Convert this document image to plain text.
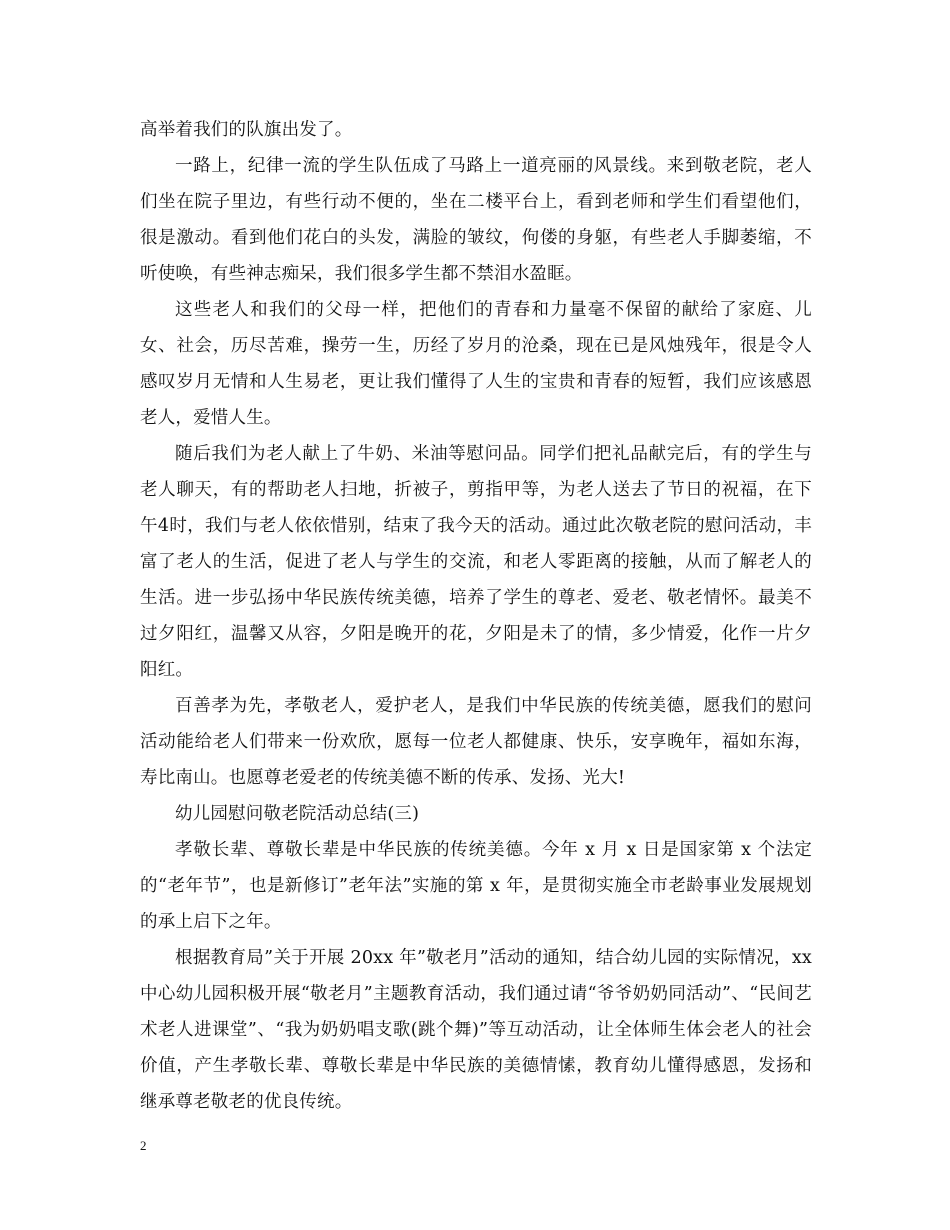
高举着我们的队旗出发了。

一路上，纪律一流的学生队伍成了马路上一道亮丽的风景线。来到敬老院，老人们坐在院子里边，有些行动不便的，坐在二楼平台上，看到老师和学生们看望他们，很是激动。看到他们花白的头发，满脸的皱纹，佝偻的身躯，有些老人手脚萎缩，不听使唤，有些神志痴呆，我们很多学生都不禁泪水盈眶。

这些老人和我们的父母一样，把他们的青春和力量毫不保留的献给了家庭、儿女、社会，历尽苦难，操劳一生，历经了岁月的沧桑，现在已是风烛残年，很是令人感叹岁月无情和人生易老，更让我们懂得了人生的宝贵和青春的短暂，我们应该感恩老人，爱惜人生。

随后我们为老人献上了牛奶、米油等慰问品。同学们把礼品献完后，有的学生与老人聊天，有的帮助老人扫地，折被子，剪指甲等，为老人送去了节日的祝福，在下午4时，我们与老人依依惜别，结束了我今天的活动。通过此次敬老院的慰问活动，丰富了老人的生活，促进了老人与学生的交流，和老人零距离的接触，从而了解老人的生活。进一步弘扬中华民族传统美德，培养了学生的尊老、爱老、敬老情怀。最美不过夕阳红，温馨又从容，夕阳是晚开的花，夕阳是未了的情，多少情爱，化作一片夕阳红。

百善孝为先，孝敬老人，爱护老人，是我们中华民族的传统美德，愿我们的慰问活动能给老人们带来一份欢欣，愿每一位老人都健康、快乐，安享晚年，福如东海，寿比南山。也愿尊老爱老的传统美德不断的传承、发扬、光大!

幼儿园慰问敬老院活动总结(三)

孝敬长辈、尊敬长辈是中华民族的传统美德。今年 x 月 x 日是国家第 x 个法定的“老年节”，也是新修订”老年法”实施的第 x 年，是贯彻实施全市老龄事业发展规划的承上启下之年。

根据教育局”关于开展 20xx 年”敬老月”活动的通知，结合幼儿园的实际情况，xx 中心幼儿园积极开展“敬老月”主题教育活动，我们通过请“爷爷奶奶同活动”、“民间艺术老人进课堂”、“我为奶奶唱支歌(跳个舞)”等互动活动，让全体师生体会老人的社会价值，产生孝敬长辈、尊敬长辈是中华民族的美德情愫，教育幼儿懂得感恩，发扬和继承尊老敬老的优良传统。

2
